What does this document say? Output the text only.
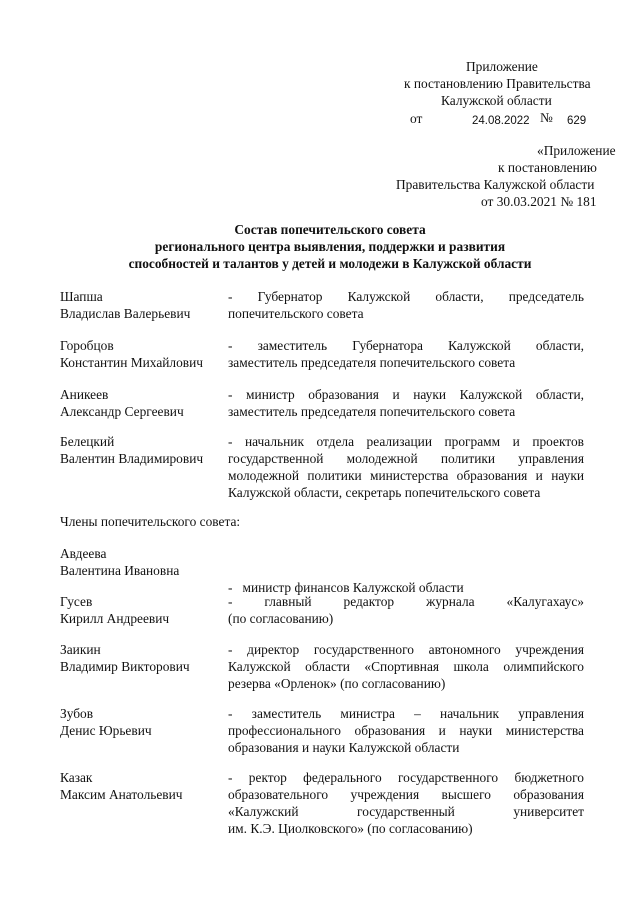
Приложение
к постановлению Правительства
Калужской области
от	24.08.2022 № 629
«Приложение
к постановлению
Правительства Калужской области
от 30.03.2021 № 181
Состав попечительского совета
регионального центра выявления, поддержки и развития
способностей и талантов у детей и молодежи в Калужской области
Шапша
Владислав Валерьевич
- Губернатор Калужской области, председатель
попечительского совета
Горобцов
Константин Михайлович
- заместитель Губернатора Калужской области,
заместитель председателя попечительского совета
Аникеев
Александр Сергеевич
- министр образования и науки Калужской области,
заместитель председателя попечительского совета
Белецкий
Валентин Владимирович
- начальник отдела реализации программ и проектов
государственной молодежной политики управления
молодежной политики министерства образования и науки
Калужской области, секретарь попечительского совета
Члены попечительского совета:
Авдеева
Валентина Ивановна

-   министр финансов Калужской области

Гусев
Кирилл Андреевич
- главный редактор журнала «Калугахаус»
(по согласованию)
Заикин
Владимир Викторович
- директор государственного автономного учреждения
Калужской области «Спортивная школа олимпийского
резерва «Орленок» (по согласованию)
Зубов
Денис Юрьевич
- заместитель министра – начальник управления
профессионального образования и науки министерства
образования и науки Калужской области
Казак
Максим Анатольевич
- ректор федерального государственного бюджетного
образовательного учреждения высшего образования
«Калужский государственный университет
им. К.Э. Циолковского» (по согласованию)
